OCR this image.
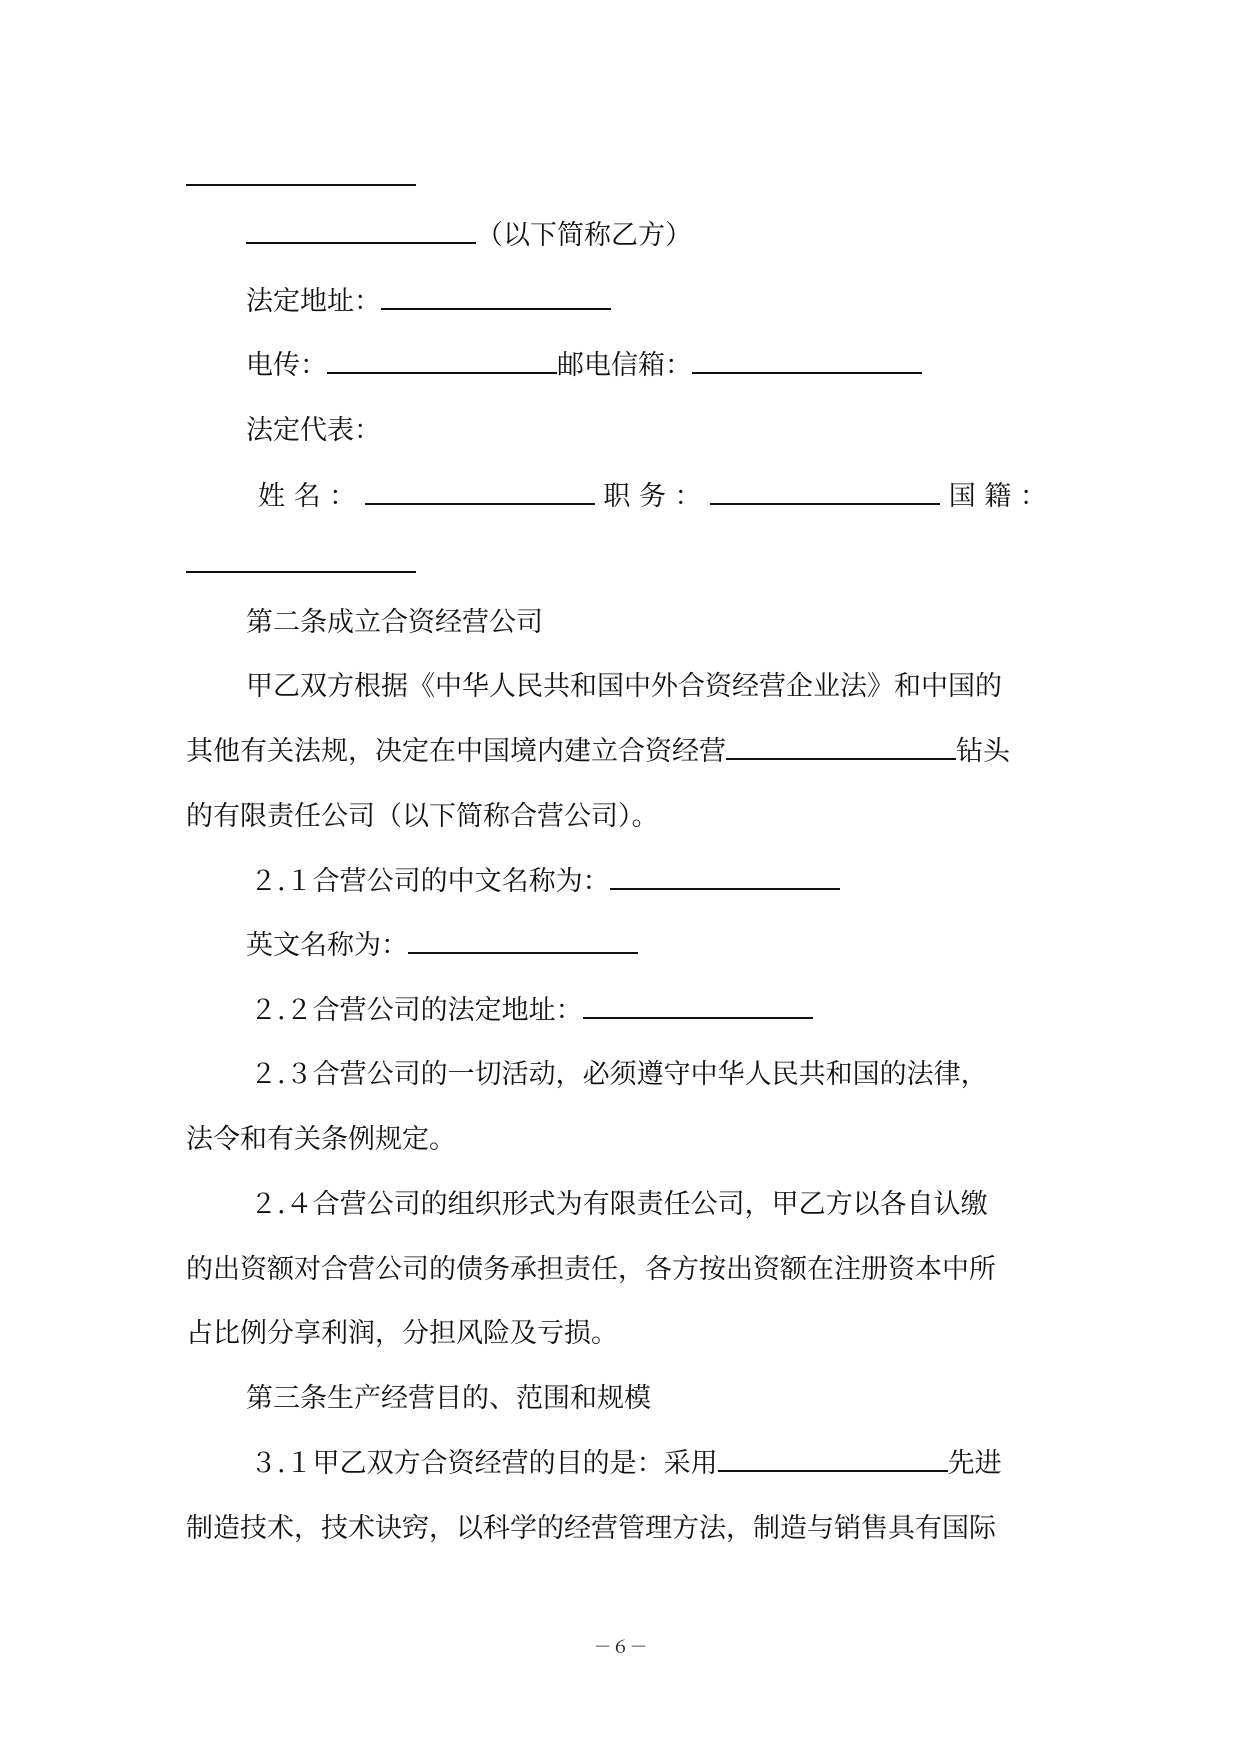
（以下简称乙方）
法定地址：
电传：	邮电信箱：
法定代表：
姓 名 ：	职 务 ：	国 籍 ：
第二条成立合资经营公司
甲乙双方根据《中华人民共和国中外合资经营企业法》和中国的
其他有关法规，决定在中国境内建立合资经营	钻头
的有限责任公司（以下简称合营公司）。
２.１合营公司的中文名称为：
英文名称为：
２.２合营公司的法定地址：
２.３合营公司的一切活动，必须遵守中华人民共和国的法律，
法令和有关条例规定。
２.４合营公司的组织形式为有限责任公司，甲乙方以各自认缴
的出资额对合营公司的债务承担责任，各方按出资额在注册资本中所
占比例分享利润，分担风险及亏损。
第三条生产经营目的、范围和规模
３.１甲乙双方合资经营的目的是：采用	先进
制造技术，技术诀窍，以科学的经营管理方法，制造与销售具有国际
－６－
